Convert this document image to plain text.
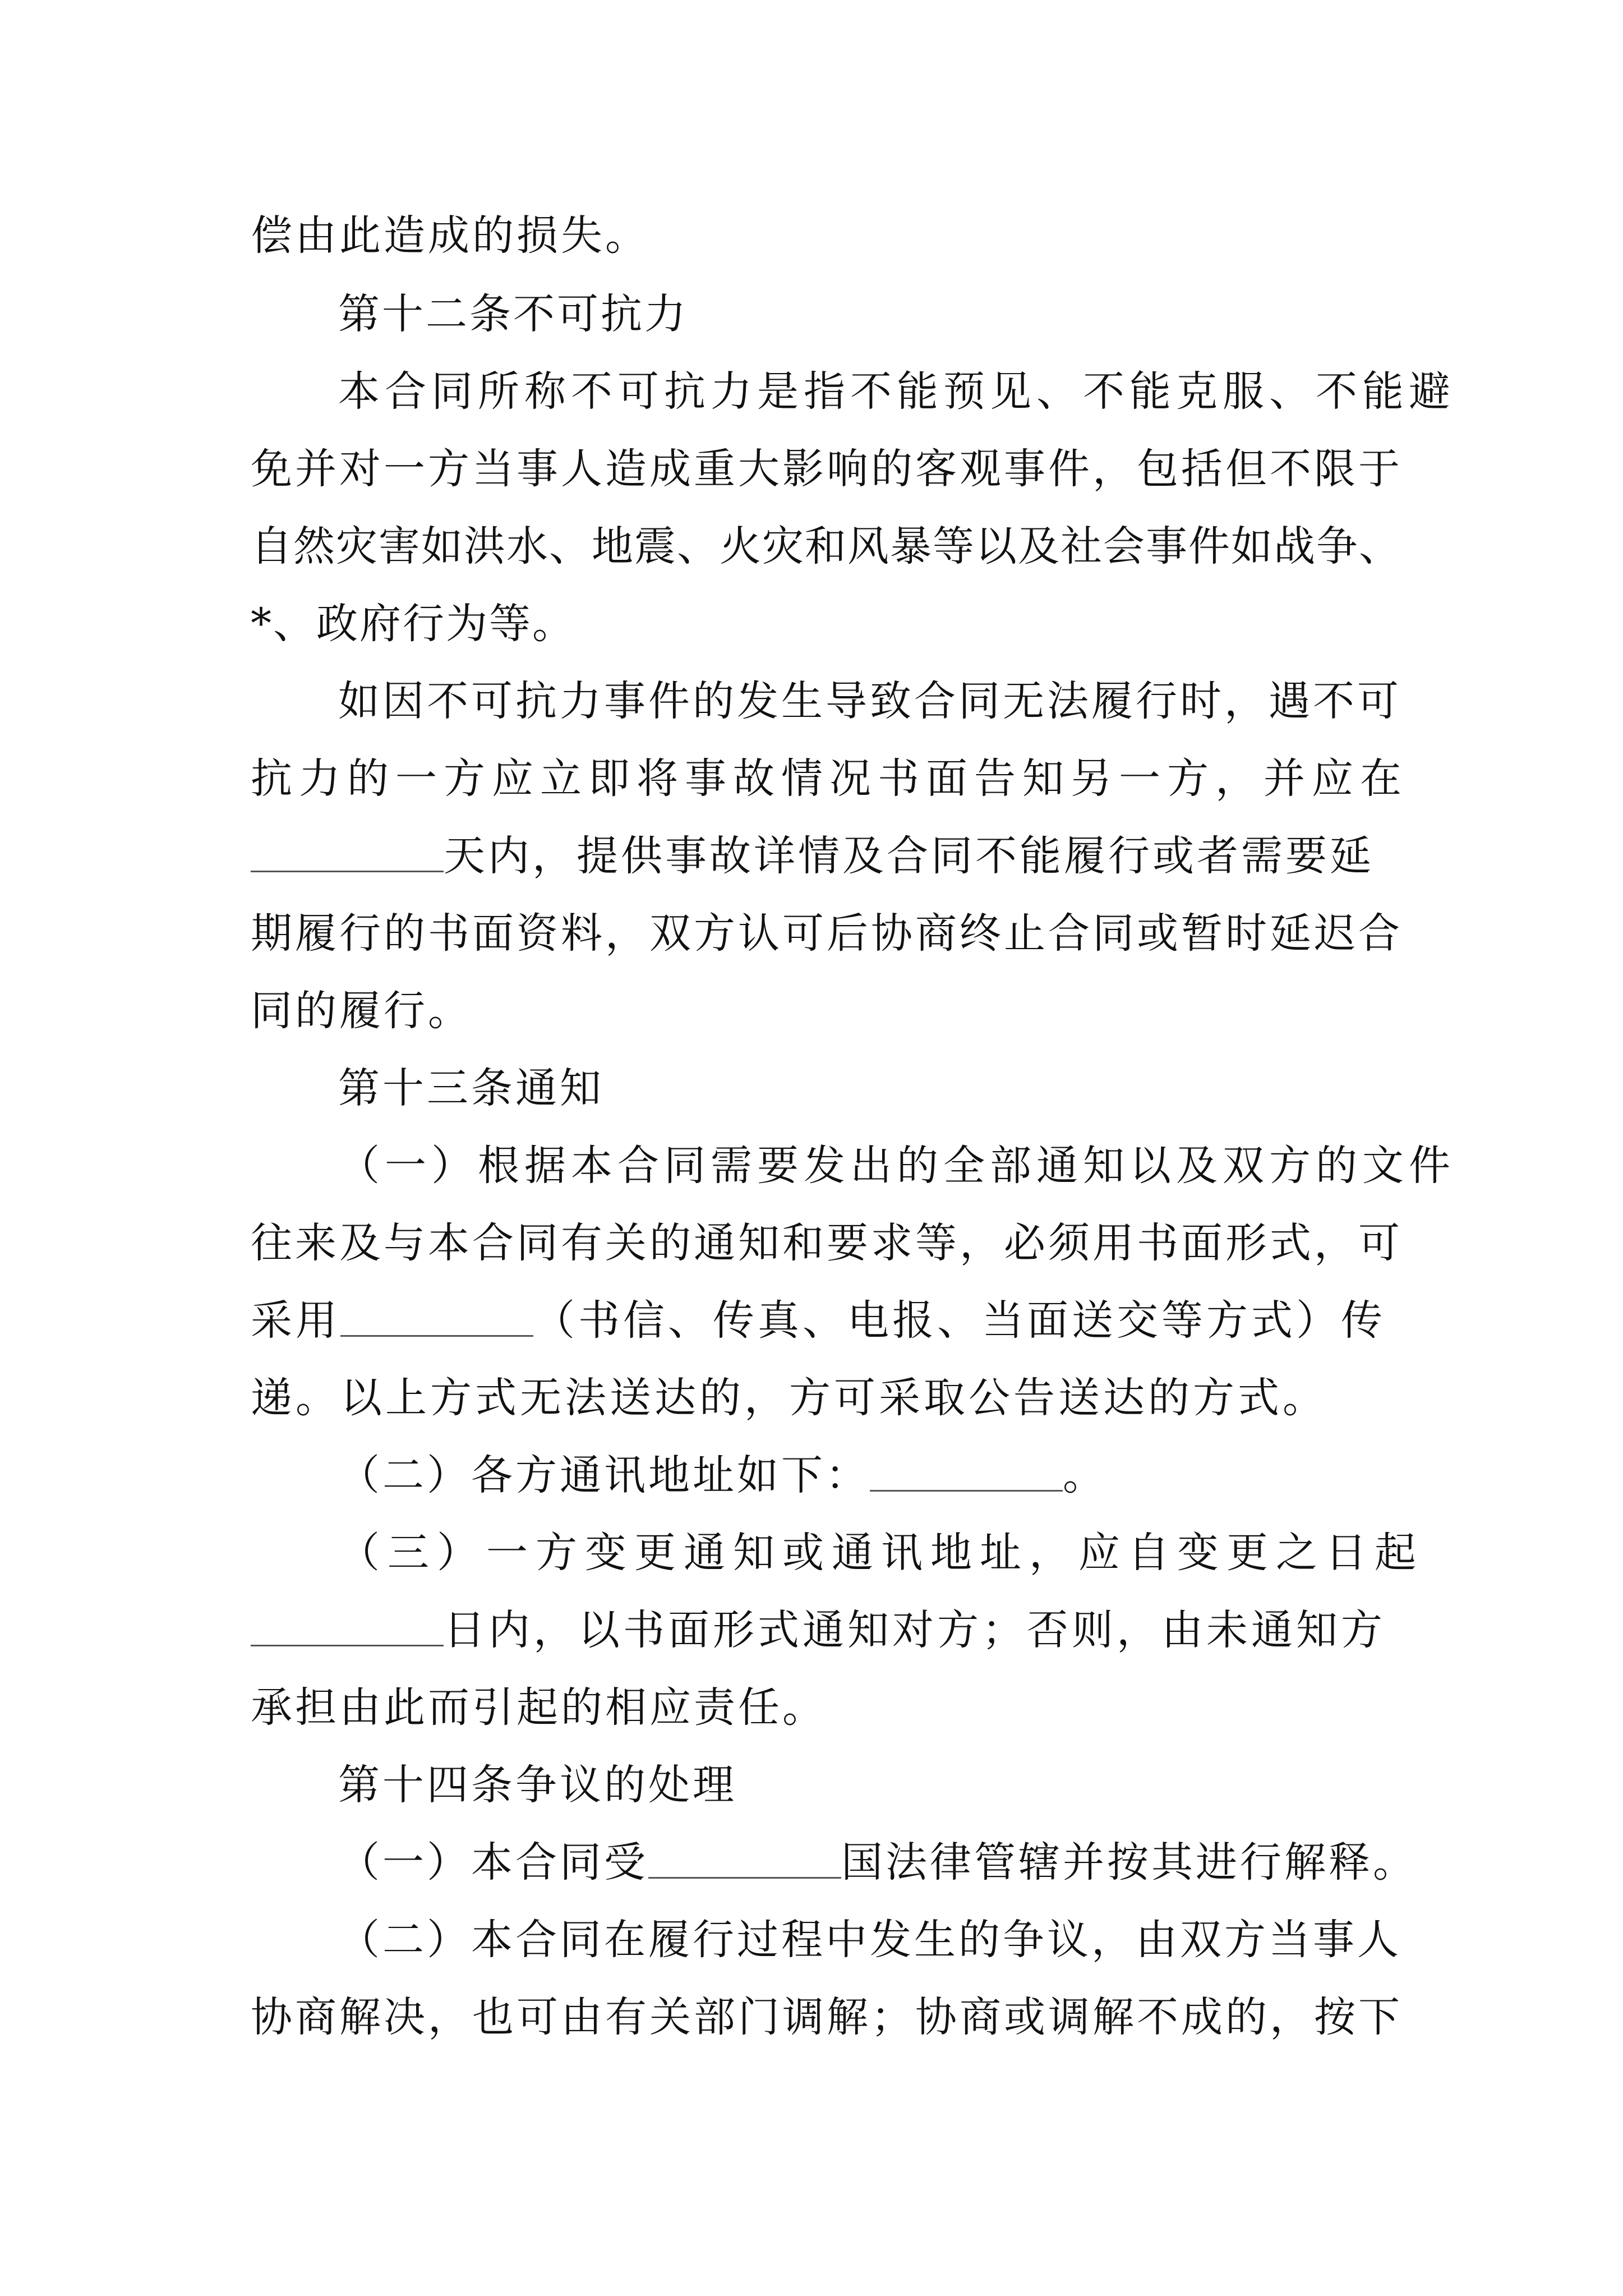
偿由此造成的损失。
第十二条不可抗力
本合同所称不可抗力是指不能预见、不能克服、不能避
免并对一方当事人造成重大影响的客观事件，包括但不限于
自然灾害如洪水、地震、火灾和风暴等以及社会事件如战争、
*、政府行为等。
如因不可抗力事件的发生导致合同无法履行时，遇不可
抗力的一方应立即将事故情况书面告知另一方，并应在
天内，提供事故详情及合同不能履行或者需要延
期履行的书面资料，双方认可后协商终止合同或暂时延迟合
同的履行。
第十三条通知
（一）根据本合同需要发出的全部通知以及双方的文件
往来及与本合同有关的通知和要求等，必须用书面形式，可
采用	（书信、传真、电报、当面送交等方式）传
递。以上方式无法送达的，方可采取公告送达的方式。
（二）各方通讯地址如下：	。
（三）一方变更通知或通讯地址，应自变更之日起
日内，以书面形式通知对方；否则，由未通知方
承担由此而引起的相应责任。
第十四条争议的处理
（一）本合同受	国法律管辖并按其进行解释。
（二）本合同在履行过程中发生的争议，由双方当事人
协商解决，也可由有关部门调解；协商或调解不成的，按下
